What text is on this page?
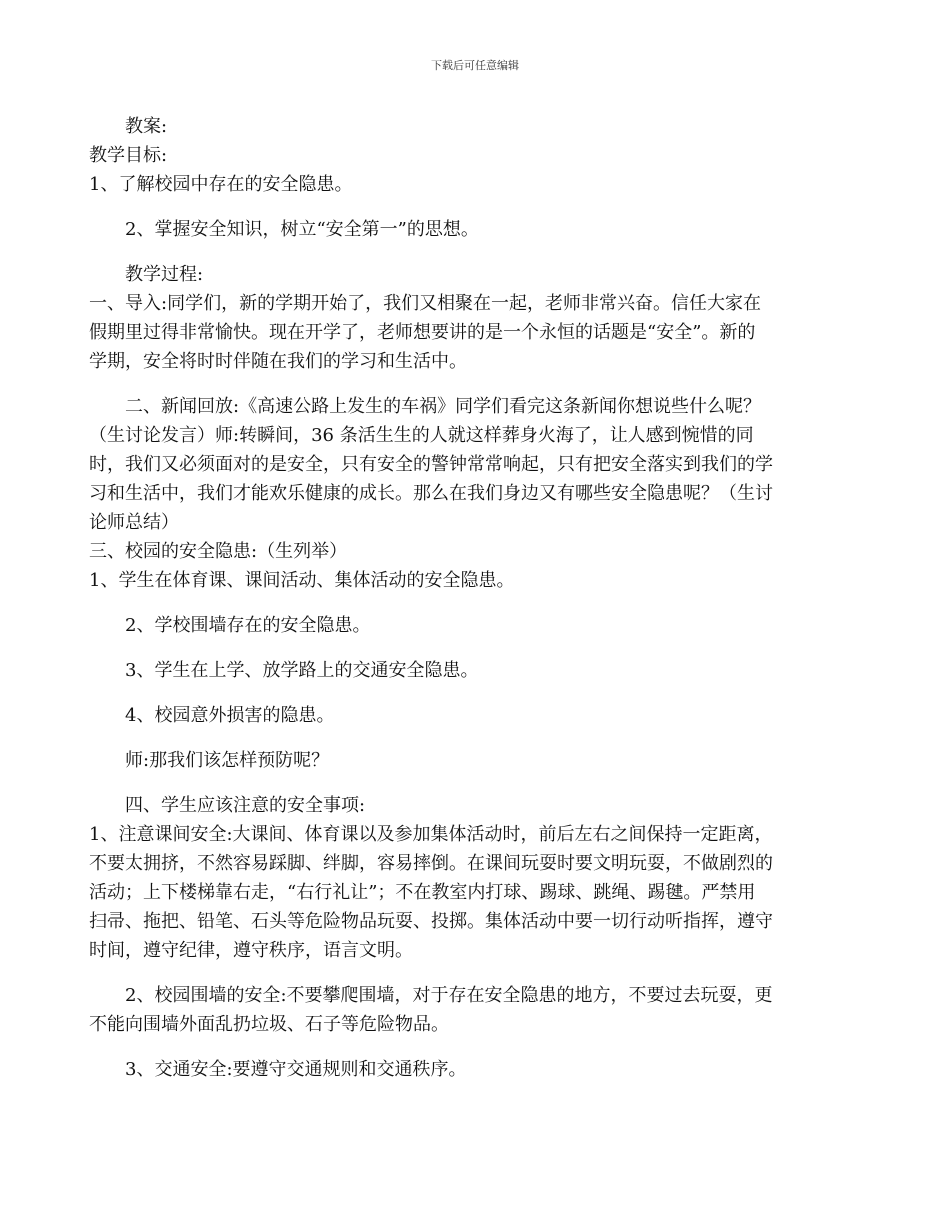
下载后可任意编辑
教案:
教学目标:
1、了解校园中存在的安全隐患。
2、掌握安全知识，树立“安全第一”的思想。
教学过程:
一、导入:同学们，新的学期开始了，我们又相聚在一起，老师非常兴奋。信任大家在
假期里过得非常愉快。现在开学了，老师想要讲的是一个永恒的话题是“安全”。新的
学期，安全将时时伴随在我们的学习和生活中。
二、新闻回放:《高速公路上发生的车祸》同学们看完这条新闻你想说些什么呢？
（生讨论发言）师:转瞬间，36 条活生生的人就这样葬身火海了，让人感到惋惜的同
时，我们又必须面对的是安全，只有安全的警钟常常响起，只有把安全落实到我们的学
习和生活中，我们才能欢乐健康的成长。那么在我们身边又有哪些安全隐患呢？（生讨
论师总结）
三、校园的安全隐患:（生列举）
1、学生在体育课、课间活动、集体活动的安全隐患。
2、学校围墙存在的安全隐患。
3、学生在上学、放学路上的交通安全隐患。
4、校园意外损害的隐患。
师:那我们该怎样预防呢？
四、学生应该注意的安全事项:
1、注意课间安全:大课间、体育课以及参加集体活动时，前后左右之间保持一定距离，
不要太拥挤，不然容易踩脚、绊脚，容易摔倒。在课间玩耍时要文明玩耍，不做剧烈的
活动；上下楼梯靠右走，“右行礼让”；不在教室内打球、踢球、跳绳、踢毽。严禁用
扫帚、拖把、铅笔、石头等危险物品玩耍、投掷。集体活动中要一切行动听指挥，遵守
时间，遵守纪律，遵守秩序，语言文明。
2、校园围墙的安全:不要攀爬围墙，对于存在安全隐患的地方，不要过去玩耍，更
不能向围墙外面乱扔垃圾、石子等危险物品。
3、交通安全:要遵守交通规则和交通秩序。
